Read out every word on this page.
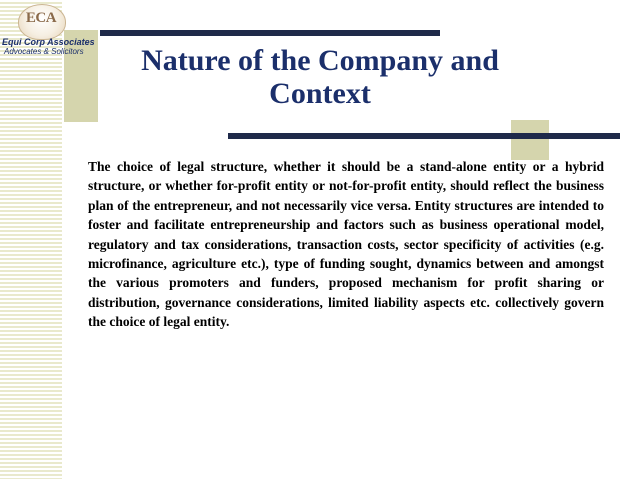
ECA
Equi Corp Associates
Advocates & Solicitors	Nature of the Company and Context
The choice of legal structure, whether it should be a stand-alone entity or a hybrid structure, or whether for-profit entity or not-for-profit entity, should reflect the business plan of the entrepreneur, and not necessarily vice versa. Entity structures are intended to foster and facilitate entrepreneurship and factors such as business operational model, regulatory and tax considerations, transaction costs, sector specificity of activities (e.g. microfinance, agriculture etc.), type of funding sought, dynamics between and amongst the various promoters and funders, proposed mechanism for profit sharing or distribution, governance considerations, limited liability aspects etc. collectively govern the choice of legal entity.
